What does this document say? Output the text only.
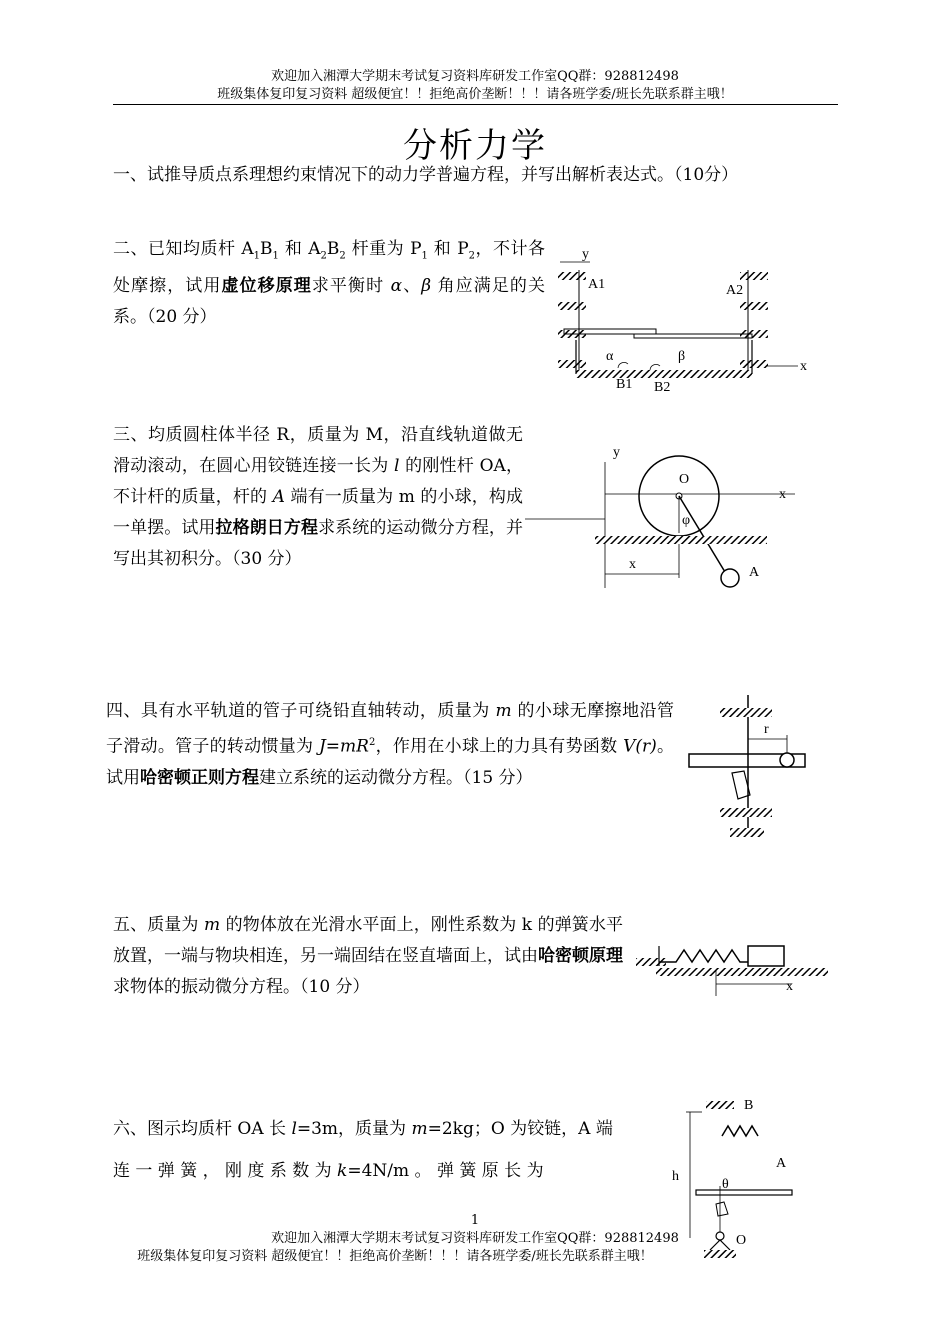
欢迎加入湘潭大学期末考试复习资料库研发工作室QQ群：928812498
班级集体复印复习资料 超级便宜！！拒绝高价垄断！！！请各班学委/班长先联系群主哦！
分析力学
一、试推导质点系理想约束情况下的动力学普遍方程，并写出解析表达式。（10分）
二、已知均质杆 $A_1B_1$ 和 $A_2B_2$ 杆重为 $P_1$ 和 $P_2$，不计各处摩擦，试用虚位移原理求平衡时 α、β 角应满足的关系。（20 分）
y
A1	A2
α	β
x
B1 B2
三、均质圆柱体半径 R，质量为 M，沿直线轨道做无滑动滚动，在圆心用铰链连接一长为 l 的刚性杆 OA，不计杆的质量，杆的 A 端有一质量为 m 的小球，构成一单摆。试用拉格朗日方程求系统的运动微分方程，并写出其初积分。（30 分）
y
x
O
φ
A
x
四、具有水平轨道的管子可绕铅直轴转动，质量为 m 的小球无摩擦地沿管子滑动。管子的转动惯量为 $J=mR^2$，作用在小球上的力具有势函数 V(r)。试用哈密顿正则方程建立系统的运动微分方程。（15 分）
r
五、质量为 m 的物体放在光滑水平面上，刚性系数为 k 的弹簧水平放置，一端与物块相连，另一端固结在竖直墙面上，试由哈密顿原理求物体的振动微分方程。（10 分）	x
六、图示均质杆 OA 长 l=3m，质量为 m=2kg；O 为铰链，A 端
连 一 弹 簧 ， 刚 度 系 数 为 k=4N/m 。 弹 簧 原 长 为
B
h
A
θ
O
1
欢迎加入湘潭大学期末考试复习资料库研发工作室QQ群：928812498
班级集体复印复习资料 超级便宜！！拒绝高价垄断！！！请各班学委/班长先联系群主哦！
